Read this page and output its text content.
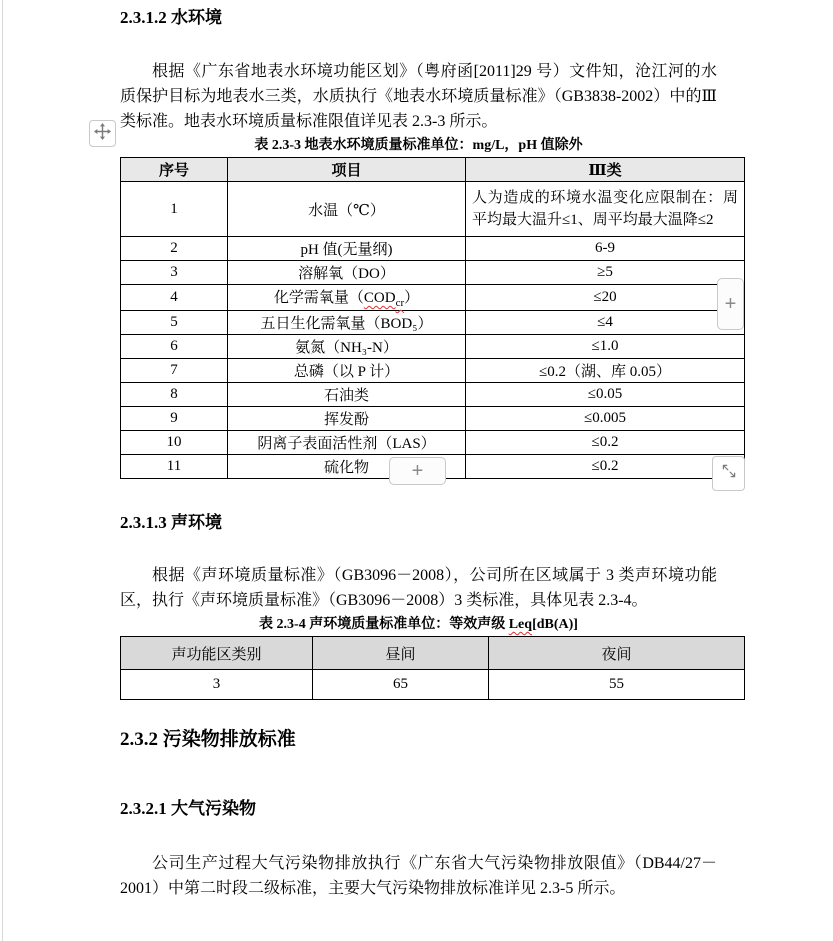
2.3.1.2 水环境

根据《广东省地表水环境功能区划》（粤府函[2011]29 号）文件知，沧江河的水质保护目标为地表水三类，水质执行《地表水环境质量标准》（GB3838-2002）中的Ⅲ类标准。地表水环境质量标准限值详见表 2.3-3 所示。

表 2.3-3 地表水环境质量标准单位：mg/L，pH 值除外
序号	项目	Ⅲ类
1	水温（℃）	人为造成的环境水温变化应限制在：周平均最大温升≤1、周平均最大温降≤2
2	pH 值(无量纲)	6-9
3	溶解氧（DO）	≥5
4	化学需氧量$(COD_{cr})$	≤20
5	五日生化需氧量（BOD₅）	≤4
6	氨氮（NH₃-N）	≤1.0
7	总磷（以 P 计）	≤0.2（湖、库 0.05）
8	石油类	≤0.05
9	挥发酚	≤0.005
10	阴离子表面活性剂（LAS）	≤0.2
11	硫化物	≤0.2
2.3.1.3 声环境

根据《声环境质量标准》（GB3096－2008），公司所在区域属于 3 类声环境功能区，执行《声环境质量标准》（GB3096－2008）3 类标准，具体见表 2.3-4。

表 2.3-4 声环境质量标准单位：等效声级 Leq[dB(A)]
声功能区类别	昼间	夜间
3	65	55
2.3.2 污染物排放标准
2.3.2.1 大气污染物

公司生产过程大气污染物排放执行《广东省大气污染物排放限值》（DB44/27－2001）中第二时段二级标准，主要大气污染物排放标准详见 2.3-5 所示。

+
+
